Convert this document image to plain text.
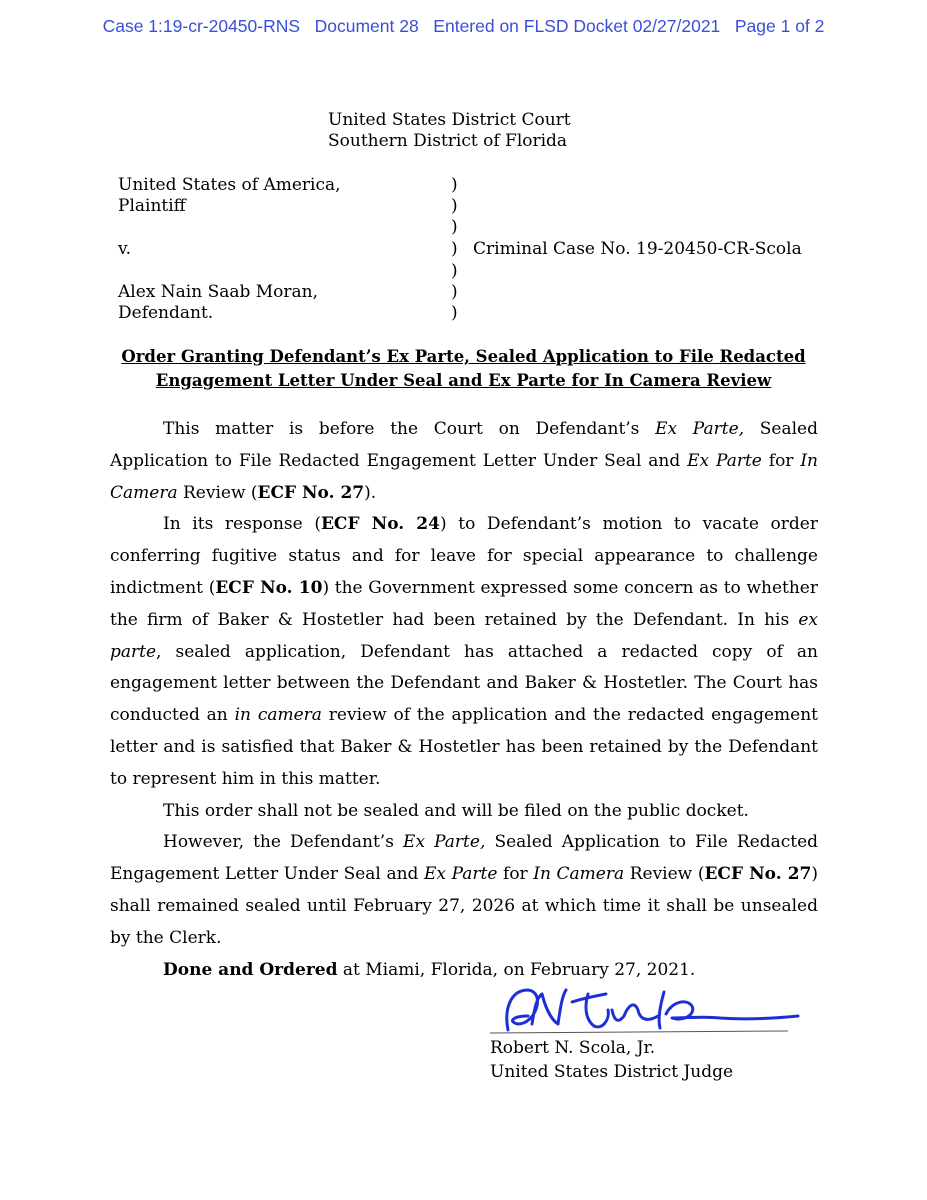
Case 1:19-cr-20450-RNS   Document 28   Entered on FLSD Docket 02/27/2021   Page 1 of 2
United States District Court
Southern District of Florida
United States of America,
Plaintiff
v.
Alex Nain Saab Moran,
Defendant.
)
)
)
)
)
)
)
Criminal Case No. 19-20450-CR-Scola
Order Granting Defendant’s Ex Parte, Sealed Application to File Redacted
Engagement Letter Under Seal and Ex Parte for In Camera Review

This matter is before the Court on Defendant’s Ex Parte, Sealed Application to File Redacted Engagement Letter Under Seal and Ex Parte for In Camera Review (ECF No. 27).

In its response (ECF No. 24) to Defendant’s motion to vacate order conferring fugitive status and for leave for special appearance to challenge indictment (ECF No. 10) the Government expressed some concern as to whether the firm of Baker & Hostetler had been retained by the Defendant. In his ex parte, sealed application, Defendant has attached a redacted copy of an engagement letter between the Defendant and Baker & Hostetler. The Court has conducted an in camera review of the application and the redacted engagement letter and is satisfied that Baker & Hostetler has been retained by the Defendant to represent him in this matter.

This order shall not be sealed and will be filed on the public docket.

However, the Defendant’s Ex Parte, Sealed Application to File Redacted Engagement Letter Under Seal and Ex Parte for In Camera Review (ECF No. 27) shall remained sealed until February 27, 2026 at which time it shall be unsealed by the Clerk.

Done and Ordered at Miami, Florida, on February 27, 2021.

Robert N. Scola, Jr.
United States District Judge
